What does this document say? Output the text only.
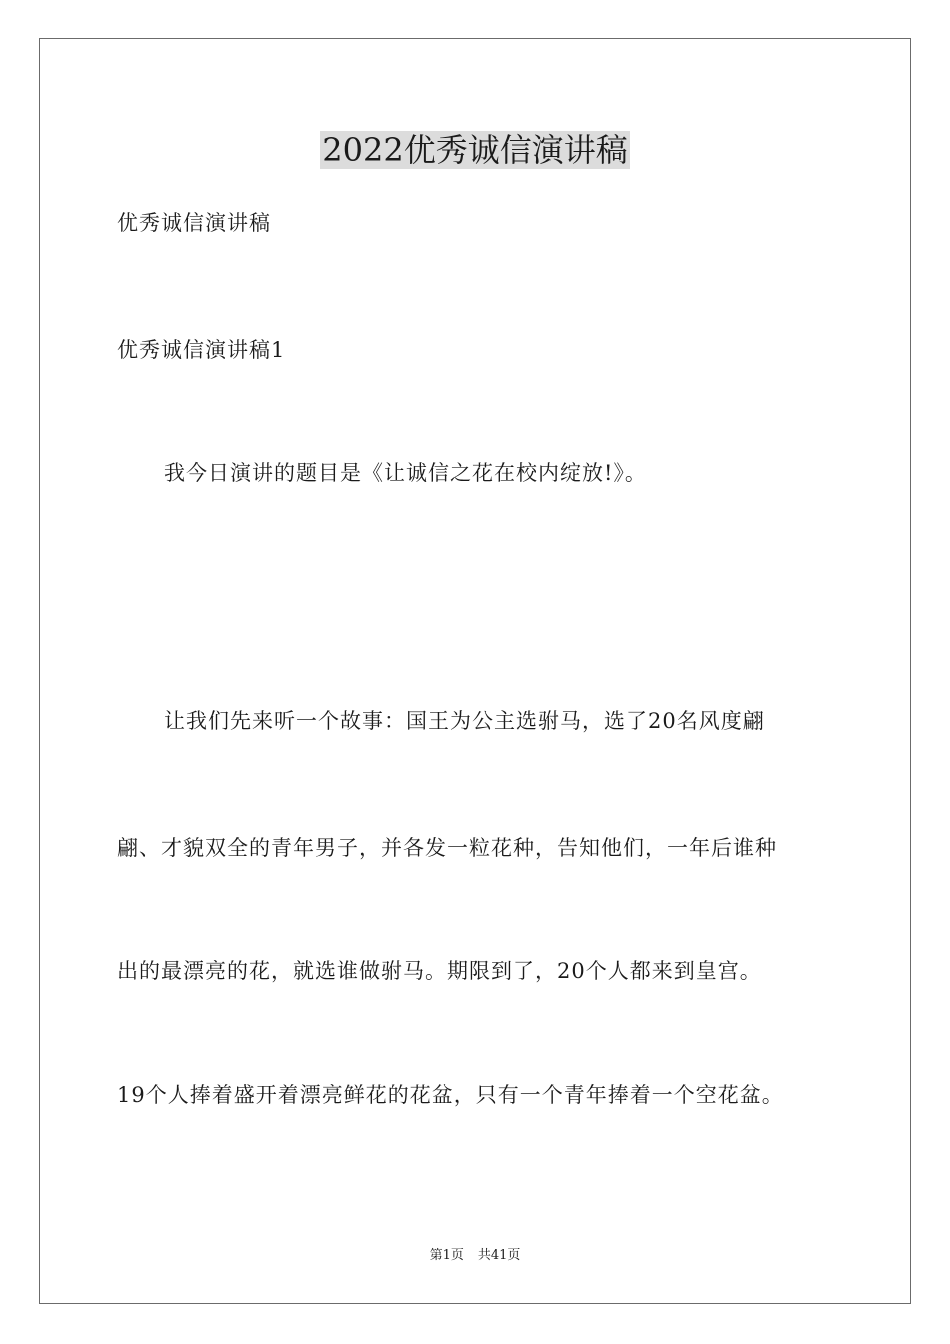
2022优秀诚信演讲稿

优秀诚信演讲稿

优秀诚信演讲稿1

我今日演讲的题目是《让诚信之花在校内绽放!》。

让我们先来听一个故事：国王为公主选驸马，选了20名风度翩

翩、才貌双全的青年男子，并各发一粒花种，告知他们，一年后谁种

出的最漂亮的花，就选谁做驸马。期限到了，20个人都来到皇宫。

19个人捧着盛开着漂亮鲜花的花盆，只有一个青年捧着一个空花盆。

第1页 共41页
